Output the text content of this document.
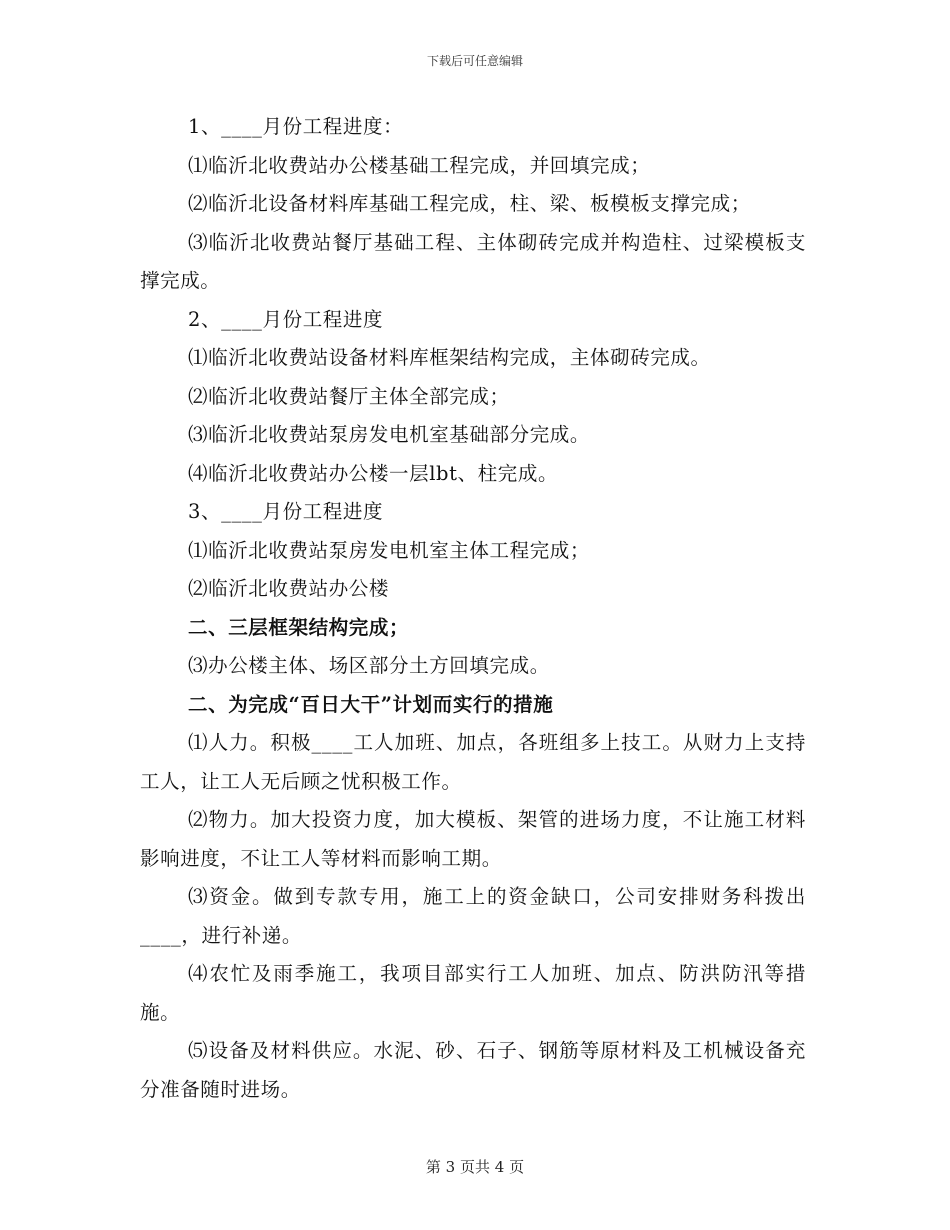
下载后可任意编辑

1、____月份工程进度：

⑴临沂北收费站办公楼基础工程完成，并回填完成；

⑵临沂北设备材料库基础工程完成，柱、梁、板模板支撑完成；

⑶临沂北收费站餐厅基础工程、主体砌砖完成并构造柱、过梁模板支撑完成。

2、____月份工程进度

⑴临沂北收费站设备材料库框架结构完成，主体砌砖完成。

⑵临沂北收费站餐厅主体全部完成；

⑶临沂北收费站泵房发电机室基础部分完成。

⑷临沂北收费站办公楼一层lbt、柱完成。

3、____月份工程进度

⑴临沂北收费站泵房发电机室主体工程完成；

⑵临沂北收费站办公楼

二、三层框架结构完成；

⑶办公楼主体、场区部分土方回填完成。

二、为完成“百日大干”计划而实行的措施

⑴人力。积极____工人加班、加点，各班组多上技工。从财力上支持工人，让工人无后顾之忧积极工作。

⑵物力。加大投资力度，加大模板、架管的进场力度，不让施工材料影响进度，不让工人等材料而影响工期。

⑶资金。做到专款专用，施工上的资金缺口，公司安排财务科拨出____，进行补递。

⑷农忙及雨季施工，我项目部实行工人加班、加点、防洪防汛等措施。

⑸设备及材料供应。水泥、砂、石子、钢筋等原材料及工机械设备充分准备随时进场。

第 3 页共 4 页
